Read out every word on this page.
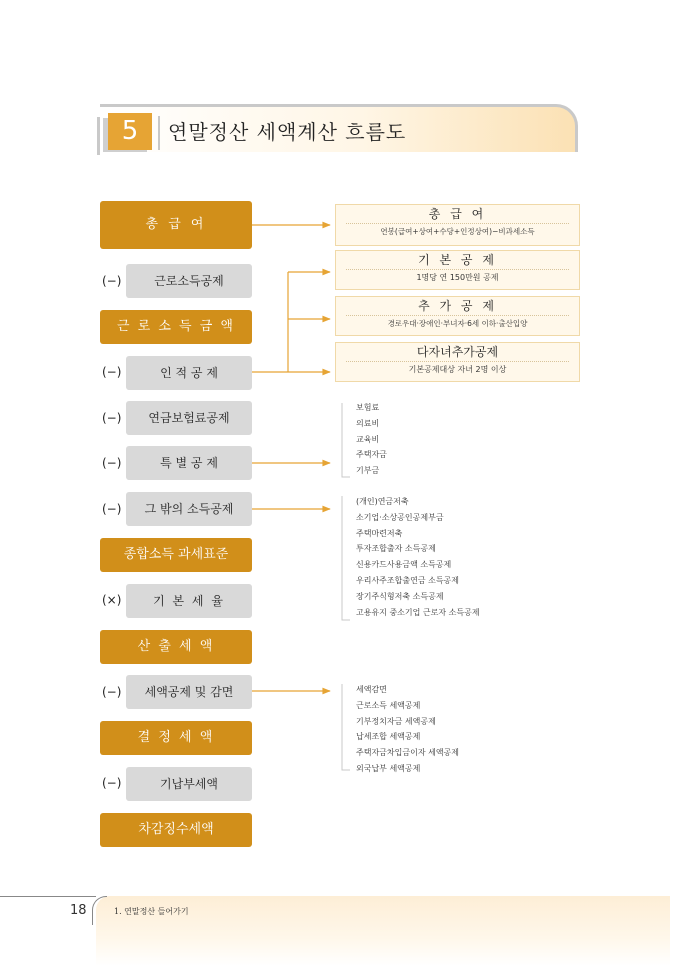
5	연말정산 세액계산 흐름도
총 급 여
(−)	근로소득공제
근 로 소 득 금 액
(−)	인 적 공 제
(−)	연금보험료공제
(−)	특 별 공 제
(−)	그 밖의 소득공제
종합소득 과세표준
(×)	기 본 세 율
산 출 세 액
(−)	세액공제 및 감면
결 정 세 액
(−)	기납부세액
차감징수세액
총 급 여
연봉(급여+상여+수당+인정상여)−비과세소득
기 본 공 제
1명당 연 150만원 공제
추 가 공 제
경로우대·장애인·부녀자·6세 이하·출산입양
다자녀추가공제
기본공제대상 자녀 2명 이상
보험료
의료비
교육비
주택자금
기부금
(개인)연금저축
소기업·소상공인공제부금
주택마련저축
투자조합출자 소득공제
신용카드사용금액 소득공제
우리사주조합출연금 소득공제
장기주식형저축 소득공제
고용유지 중소기업 근로자 소득공제
세액감면
근로소득 세액공제
기부정치자금 세액공제
납세조합 세액공제
주택자금차입금이자 세액공제
외국납부 세액공제
18	1. 연말정산 들어가기
